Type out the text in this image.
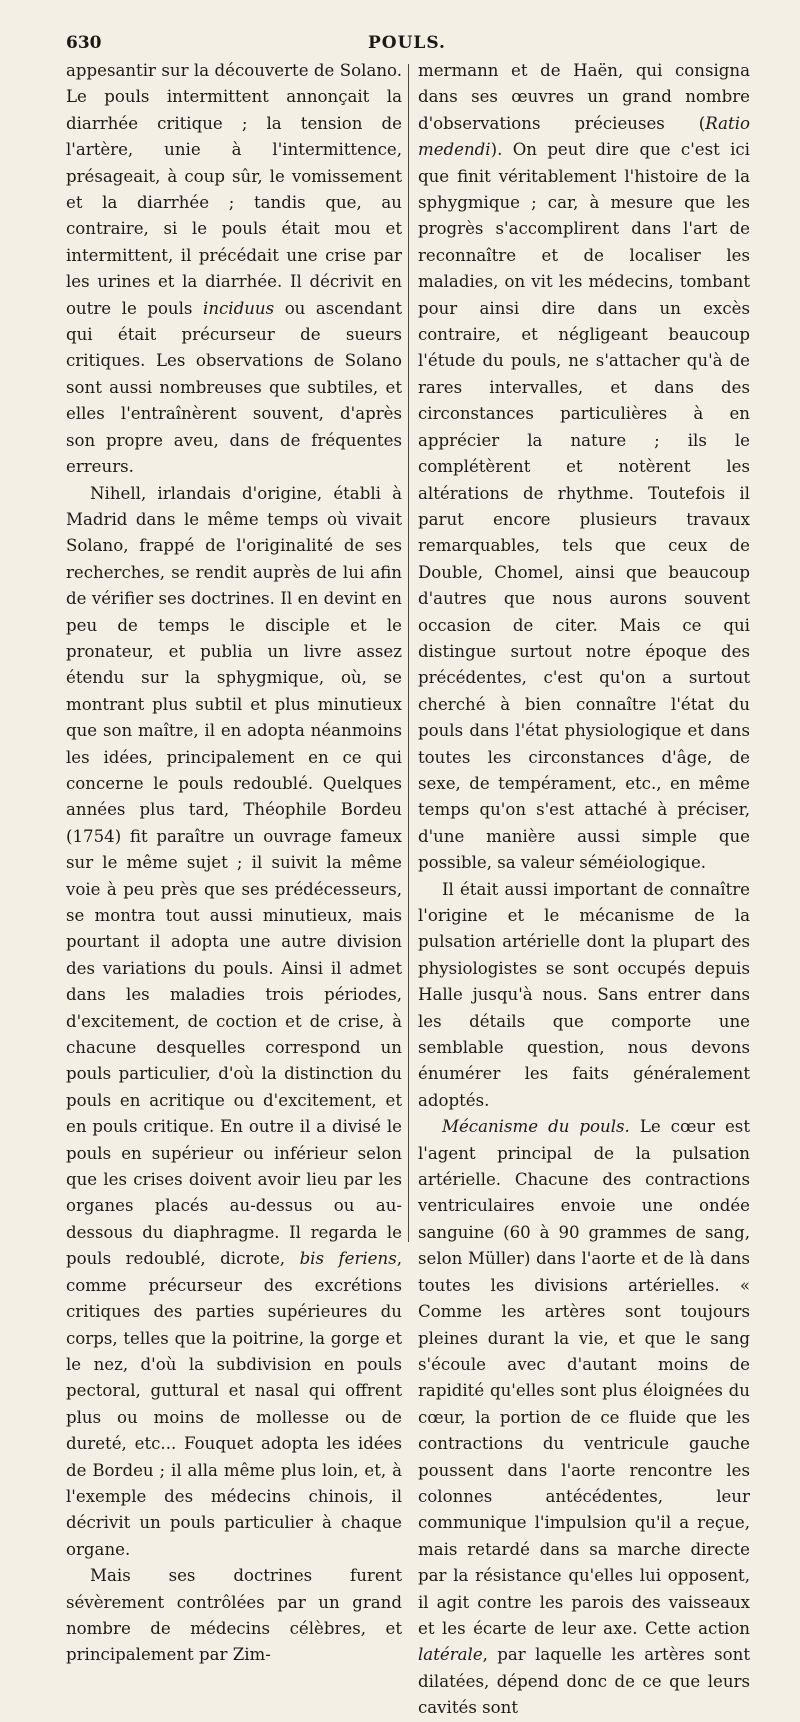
630	POULS.

appesantir sur la découverte de Solano. Le pouls intermittent annonçait la diarrhée critique ; la tension de l'artère, unie à l'intermittence, présageait, à coup sûr, le vomissement et la diarrhée ; tandis que, au contraire, si le pouls était mou et intermittent, il précédait une crise par les urines et la diarrhée. Il décrivit en outre le pouls inciduus ou ascendant qui était précurseur de sueurs critiques. Les observations de Solano sont aussi nombreuses que subtiles, et elles l'entraînèrent souvent, d'après son propre aveu, dans de fréquentes erreurs.

Nihell, irlandais d'origine, établi à Madrid dans le même temps où vivait Solano, frappé de l'originalité de ses recherches, se rendit auprès de lui afin de vérifier ses doctrines. Il en devint en peu de temps le disciple et le pronateur, et publia un livre assez étendu sur la sphygmique, où, se montrant plus subtil et plus minutieux que son maître, il en adopta néanmoins les idées, principalement en ce qui concerne le pouls redoublé. Quelques années plus tard, Théophile Bordeu (1754) fit paraître un ouvrage fameux sur le même sujet ; il suivit la même voie à peu près que ses prédécesseurs, se montra tout aussi minutieux, mais pourtant il adopta une autre division des variations du pouls. Ainsi il admet dans les maladies trois périodes, d'excitement, de coction et de crise, à chacune desquelles correspond un pouls particulier, d'où la distinction du pouls en acritique ou d'excitement, et en pouls critique. En outre il a divisé le pouls en supérieur ou inférieur selon que les crises doivent avoir lieu par les organes placés au-dessus ou au-dessous du diaphragme. Il regarda le pouls redoublé, dicrote, bis feriens, comme précurseur des excrétions critiques des parties supérieures du corps, telles que la poitrine, la gorge et le nez, d'où la subdivision en pouls pectoral, guttural et nasal qui offrent plus ou moins de mollesse ou de dureté, etc... Fouquet adopta les idées de Bordeu ; il alla même plus loin, et, à l'exemple des médecins chinois, il décrivit un pouls particulier à chaque organe.

Mais ses doctrines furent sévèrement contrôlées par un grand nombre de médecins célèbres, et principalement par Zim-

mermann et de Haën, qui consigna dans ses œuvres un grand nombre d'observations précieuses (Ratio medendi). On peut dire que c'est ici que finit véritablement l'histoire de la sphygmique ; car, à mesure que les progrès s'accomplirent dans l'art de reconnaître et de localiser les maladies, on vit les médecins, tombant pour ainsi dire dans un excès contraire, et négligeant beaucoup l'étude du pouls, ne s'attacher qu'à de rares intervalles, et dans des circonstances particulières à en apprécier la nature ; ils le complétèrent et notèrent les altérations de rhythme. Toutefois il parut encore plusieurs travaux remarquables, tels que ceux de Double, Chomel, ainsi que beaucoup d'autres que nous aurons souvent occasion de citer. Mais ce qui distingue surtout notre époque des précédentes, c'est qu'on a surtout cherché à bien connaître l'état du pouls dans l'état physiologique et dans toutes les circonstances d'âge, de sexe, de tempérament, etc., en même temps qu'on s'est attaché à préciser, d'une manière aussi simple que possible, sa valeur séméiologique.

Il était aussi important de connaître l'origine et le mécanisme de la pulsation artérielle dont la plupart des physiologistes se sont occupés depuis Halle jusqu'à nous. Sans entrer dans les détails que comporte une semblable question, nous devons énumérer les faits généralement adoptés.

Mécanisme du pouls. Le cœur est l'agent principal de la pulsation artérielle. Chacune des contractions ventriculaires envoie une ondée sanguine (60 à 90 grammes de sang, selon Müller) dans l'aorte et de là dans toutes les divisions artérielles. « Comme les artères sont toujours pleines durant la vie, et que le sang s'écoule avec d'autant moins de rapidité qu'elles sont plus éloignées du cœur, la portion de ce fluide que les contractions du ventricule gauche poussent dans l'aorte rencontre les colonnes antécédentes, leur communique l'impulsion qu'il a reçue, mais retardé dans sa marche directe par la résistance qu'elles lui opposent, il agit contre les parois des vaisseaux et les écarte de leur axe. Cette action latérale, par laquelle les artères sont dilatées, dépend donc de ce que leurs cavités sont
